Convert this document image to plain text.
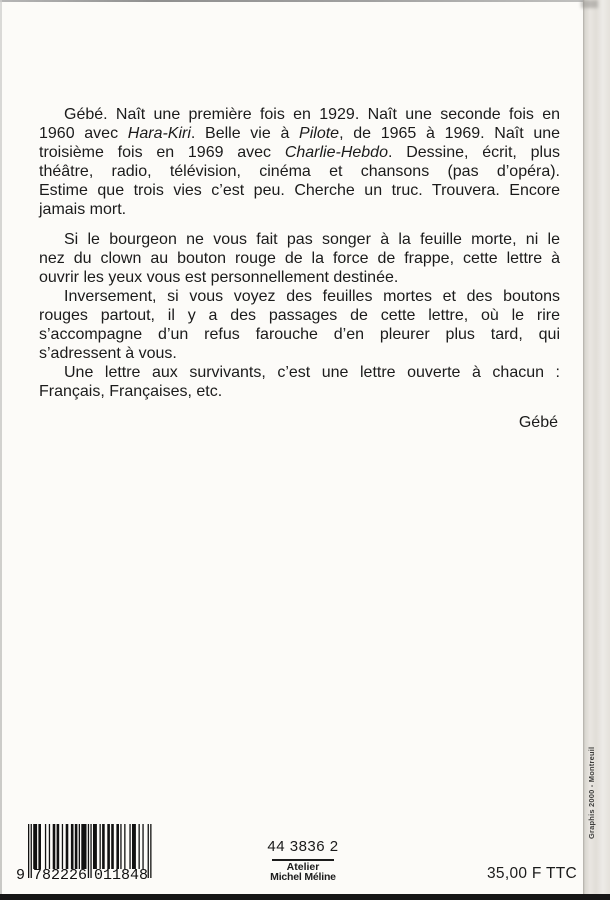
Gébé. Naît une première fois en 1929. Naît une seconde fois en
1960 avec Hara-Kiri. Belle vie à Pilote, de 1965 à 1969. Naît une
troisième fois en 1969 avec Charlie-Hebdo. Dessine, écrit, plus
théâtre, radio, télévision, cinéma et chansons (pas d’opéra).
Estime que trois vies c’est peu. Cherche un truc. Trouvera. Encore
jamais mort.
Si le bourgeon ne vous fait pas songer à la feuille morte, ni le
nez du clown au bouton rouge de la force de frappe, cette lettre à
ouvrir les yeux vous est personnellement destinée.
Inversement, si vous voyez des feuilles mortes et des boutons
rouges partout, il y a des passages de cette lettre, où le rire
s’accompagne d’un refus farouche d’en pleurer plus tard, qui
s’adressent à vous.
Une lettre aux survivants, c’est une lettre ouverte à chacun :
Français, Françaises, etc.
Gébé
9 782226 011848
44 3836 2
Atelier
Michel Méline	35,00 F TTC
Graphis 2000 - Montreuil
